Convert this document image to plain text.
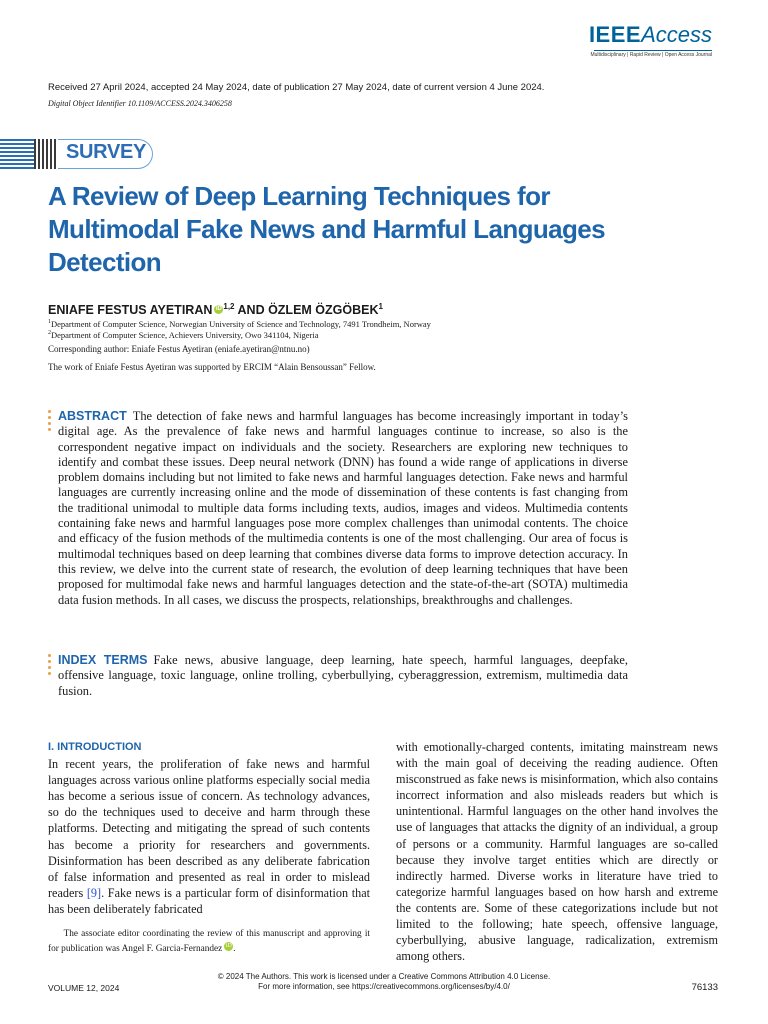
IEEEAccess
Multidisciplinary | Rapid Review | Open Access Journal
Received 27 April 2024, accepted 24 May 2024, date of publication 27 May 2024, date of current version 4 June 2024.
Digital Object Identifier 10.1109/ACCESS.2024.3406258
SURVEY
A Review of Deep Learning Techniques for Multimodal Fake News and Harmful Languages Detection
ENIAFE FESTUS AYETIRAN iD $^{1,2}$ AND ÖZLEM ÖZGÖBEK$^1$
$^1$Department of Computer Science, Norwegian University of Science and Technology, 7491 Trondheim, Norway
$^2$Department of Computer Science, Achievers University, Owo 341104, Nigeria
Corresponding author: Eniafe Festus Ayetiran (eniafe.ayetiran@ntnu.no)
The work of Eniafe Festus Ayetiran was supported by ERCIM “Alain Bensoussan” Fellow.
ABSTRACT The detection of fake news and harmful languages has become increasingly important in today’s digital age. As the prevalence of fake news and harmful languages continue to increase, so also is the correspondent negative impact on individuals and the society. Researchers are exploring new techniques to identify and combat these issues. Deep neural network (DNN) has found a wide range of applications in diverse problem domains including but not limited to fake news and harmful languages detection. Fake news and harmful languages are currently increasing online and the mode of dissemination of these contents is fast changing from the traditional unimodal to multiple data forms including texts, audios, images and videos. Multimedia contents containing fake news and harmful languages pose more complex challenges than unimodal contents. The choice and efficacy of the fusion methods of the multimedia contents is one of the most challenging. Our area of focus is multimodal techniques based on deep learning that combines diverse data forms to improve detection accuracy. In this review, we delve into the current state of research, the evolution of deep learning techniques that have been proposed for multimodal fake news and harmful languages detection and the state-of-the-art (SOTA) multimedia data fusion methods. In all cases, we discuss the prospects, relationships, breakthroughs and challenges.
INDEX TERMS Fake news, abusive language, deep learning, hate speech, harmful languages, deepfake, offensive language, toxic language, online trolling, cyberbullying, cyberaggression, extremism, multimedia data fusion.
I. INTRODUCTION
In recent years, the proliferation of fake news and harmful languages across various online platforms especially social media has become a serious issue of concern. As technology advances, so do the techniques used to deceive and harm through these platforms. Detecting and mitigating the spread of such contents has become a priority for researchers and governments. Disinformation has been described as any deliberate fabrication of false information and presented as real in order to mislead readers [9]. Fake news is a particular form of disinformation that has been deliberately fabricated
with emotionally-charged contents, imitating mainstream news with the main goal of deceiving the reading audience. Often misconstrued as fake news is misinformation, which also contains incorrect information and also misleads readers but which is unintentional. Harmful languages on the other hand involves the use of languages that attacks the dignity of an individual, a group of persons or a community. Harmful languages are so-called because they involve target entities which are directly or indirectly harmed. Diverse works in literature have tried to categorize harmful languages based on how harsh and extreme the contents are. Some of these categorizations include but not limited to the following; hate speech, offensive language, cyberbullying, abusive language, radicalization, extremism among others.
The associate editor coordinating the review of this manuscript and approving it for publication was Angel F. Garcia-Fernandez iD .
© 2024 The Authors. This work is licensed under a Creative Commons Attribution 4.0 License.
For more information, see https://creativecommons.org/licenses/by/4.0/
VOLUME 12, 2024	76133
